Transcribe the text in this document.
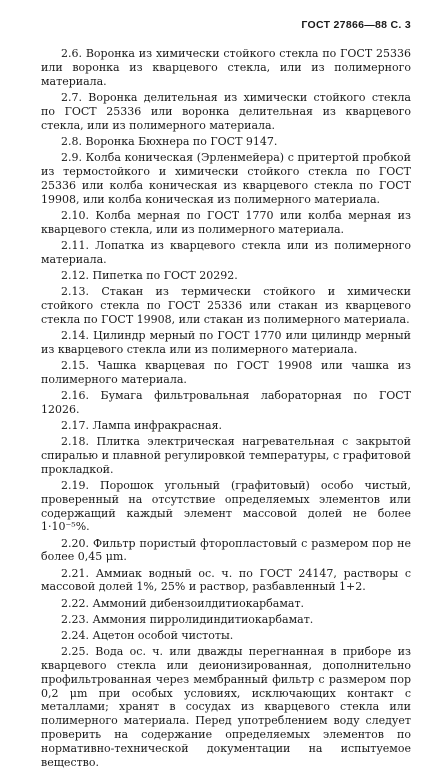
ГОСТ 27866—88 С. 3

2.6. Воронка из химически стойкого стекла по ГОСТ 25336 или воронка из кварцевого стекла, или из полимерного материала.

2.7. Воронка делительная из химически стойкого стекла по ГОСТ 25336 или воронка делительная из кварцевого стекла, или из полимерного материала.

2.8. Воронка Бюхнера по ГОСТ 9147.

2.9. Колба коническая (Эрленмейера) с притертой пробкой из термостойкого и химически стойкого стекла по ГОСТ 25336 или колба коническая из кварцевого стекла по ГОСТ 19908, или колба коническая из полимерного материала.

2.10. Колба мерная по ГОСТ 1770 или колба мерная из кварцевого стекла, или из полимерного материала.

2.11. Лопатка из кварцевого стекла или из полимерного материала.

2.12. Пипетка по ГОСТ 20292.

2.13. Стакан из термически стойкого и химически стойкого стекла по ГОСТ 25336 или стакан из кварцевого стекла по ГОСТ 19908, или стакан из полимерного материала.

2.14. Цилиндр мерный по ГОСТ 1770 или цилиндр мерный из кварцевого стекла или из полимерного материала.

2.15. Чашка кварцевая по ГОСТ 19908 или чашка из полимерного материала.

2.16. Бумага фильтровальная лабораторная по ГОСТ 12026.

2.17. Лампа инфракрасная.

2.18. Плитка электрическая нагревательная с закрытой спиралью и плавной регулировкой температуры, с графитовой прокладкой.

2.19. Порошок угольный (графитовый) особо чистый, проверенный на отсутствие определяемых элементов или содержащий каждый элемент массовой долей не более 1·10⁻⁵%.

2.20. Фильтр пористый фторопластовый с размером пор не более 0,45 μm.

2.21. Аммиак водный ос. ч. по ГОСТ 24147, растворы с массовой долей 1%, 25% и раствор, разбавленный 1+2.

2.22. Аммоний дибензоилдитиокарбамат.

2.23. Аммония пирролидиндитиокарбамат.

2.24. Ацетон особой чистоты.

2.25. Вода ос. ч. или дважды перегнанная в приборе из кварцевого стекла или деионизированная, дополнительно профильтрованная через мембранный фильтр с размером пор 0,2 μm при особых условиях, исключающих контакт с металлами; хранят в сосудах из кварцевого стекла или полимерного материала. Перед употреблением воду следует проверить на содержание определяемых элементов по нормативно-технической документации на испытуемое вещество.
